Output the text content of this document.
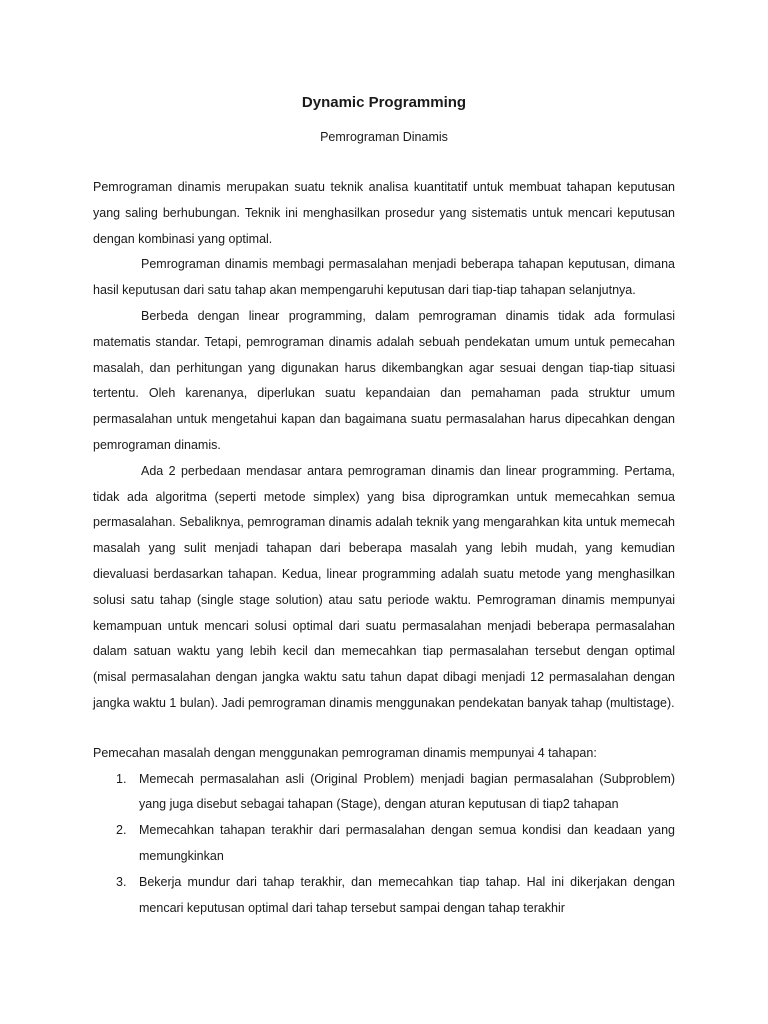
Dynamic Programming
Pemrograman Dinamis

Pemrograman dinamis merupakan suatu teknik analisa kuantitatif untuk membuat tahapan keputusan yang saling berhubungan. Teknik ini menghasilkan prosedur yang sistematis untuk mencari keputusan dengan kombinasi yang optimal.

Pemrograman dinamis membagi permasalahan menjadi beberapa tahapan keputusan, dimana hasil keputusan dari satu tahap akan mempengaruhi keputusan dari tiap-tiap tahapan selanjutnya.

Berbeda dengan linear programming, dalam pemrograman dinamis tidak ada formulasi matematis standar. Tetapi, pemrograman dinamis adalah sebuah pendekatan umum untuk pemecahan masalah, dan perhitungan yang digunakan harus dikembangkan agar sesuai dengan tiap-tiap situasi tertentu. Oleh karenanya, diperlukan suatu kepandaian dan pemahaman pada struktur umum permasalahan untuk mengetahui kapan dan bagaimana suatu permasalahan harus dipecahkan dengan pemrograman dinamis.

Ada 2 perbedaan mendasar antara pemrograman dinamis dan linear programming. Pertama, tidak ada algoritma (seperti metode simplex) yang bisa diprogramkan untuk memecahkan semua permasalahan. Sebaliknya, pemrograman dinamis adalah teknik yang mengarahkan kita untuk memecah masalah yang sulit menjadi tahapan dari beberapa masalah yang lebih mudah, yang kemudian dievaluasi berdasarkan tahapan. Kedua, linear programming adalah suatu metode yang menghasilkan solusi satu tahap (single stage solution) atau satu periode waktu. Pemrograman dinamis mempunyai kemampuan untuk mencari solusi optimal dari suatu permasalahan menjadi beberapa permasalahan dalam satuan waktu yang lebih kecil dan memecahkan tiap permasalahan tersebut dengan optimal (misal permasalahan dengan jangka waktu satu tahun dapat dibagi menjadi 12 permasalahan dengan jangka waktu 1 bulan). Jadi pemrograman dinamis menggunakan pendekatan banyak tahap (multistage).

Pemecahan masalah dengan menggunakan pemrograman dinamis mempunyai 4 tahapan:

1. Memecah permasalahan asli (Original Problem) menjadi bagian permasalahan (Subproblem) yang juga disebut sebagai tahapan (Stage), dengan aturan keputusan di tiap2 tahapan
2. Memecahkan tahapan terakhir dari permasalahan dengan semua kondisi dan keadaan yang memungkinkan
3. Bekerja mundur dari tahap terakhir, dan memecahkan tiap tahap. Hal ini dikerjakan dengan mencari keputusan optimal dari tahap tersebut sampai dengan tahap terakhir
